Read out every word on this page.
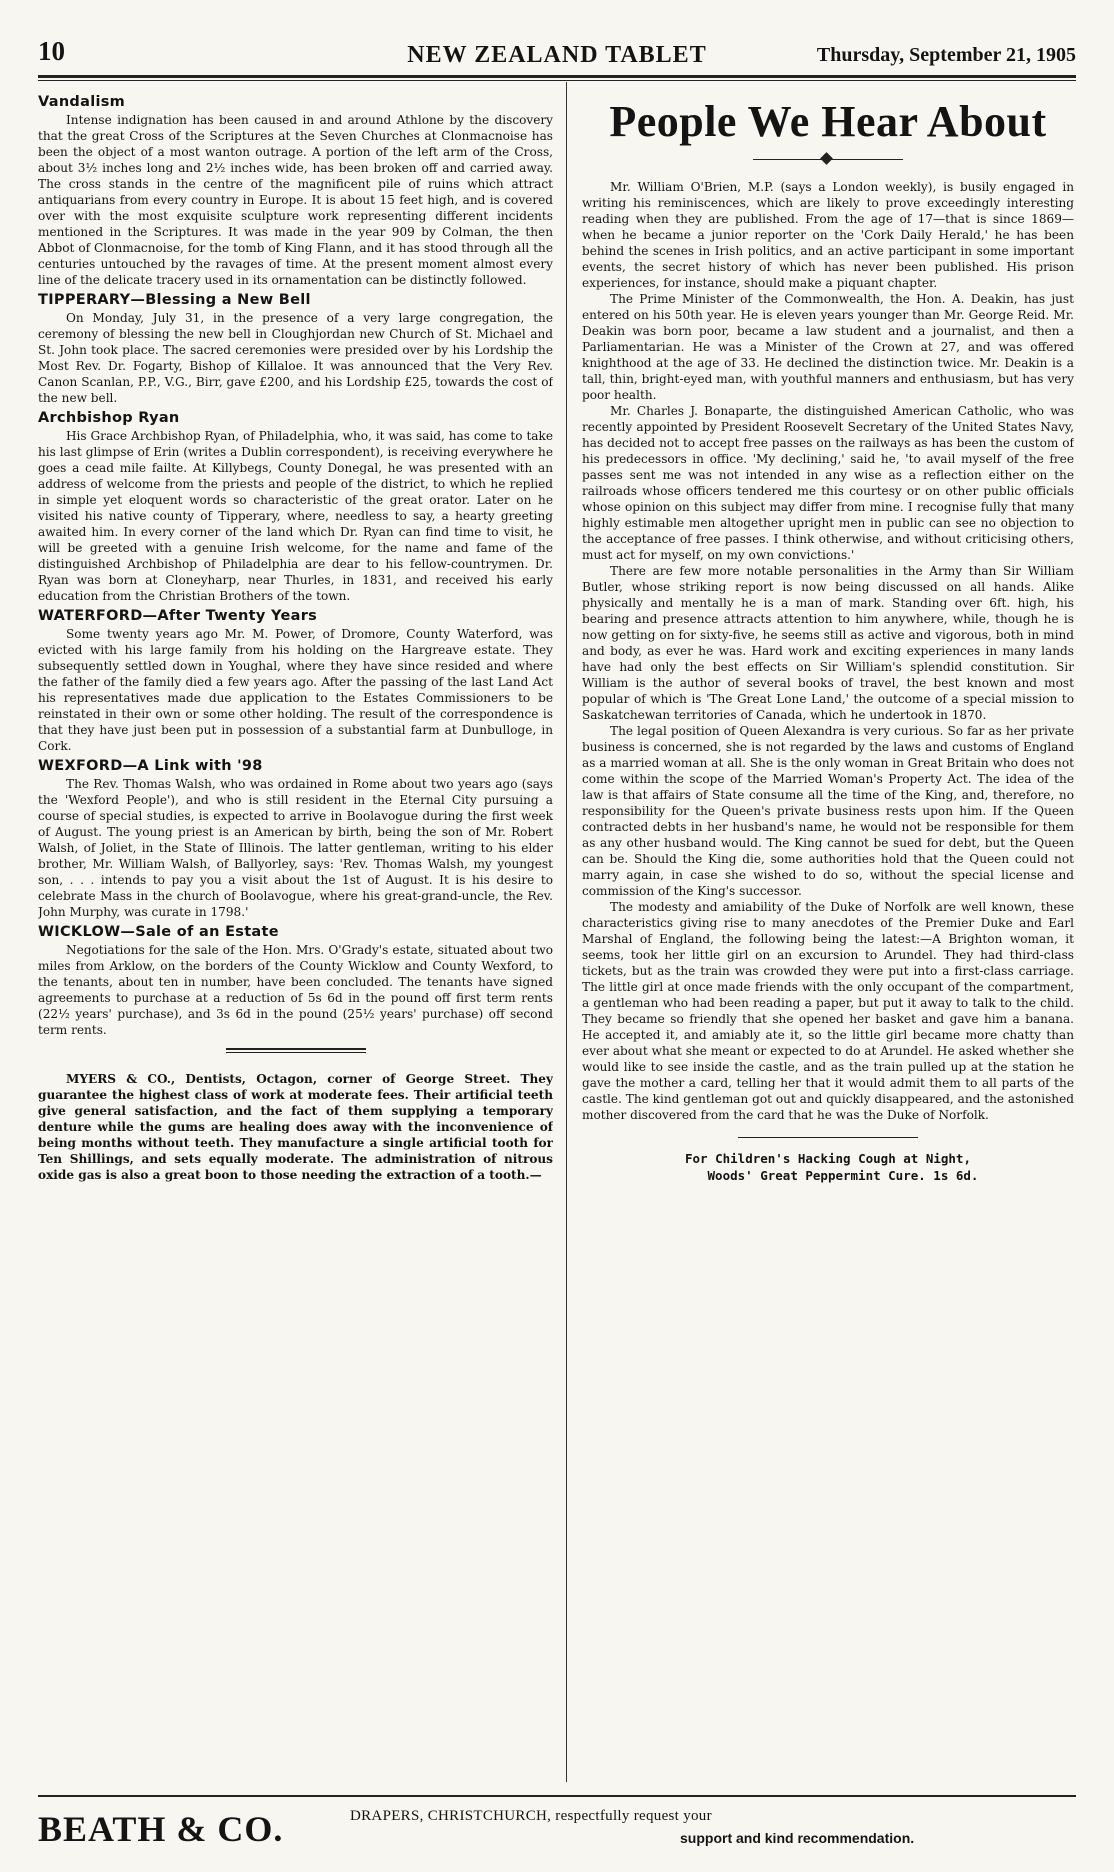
10	NEW ZEALAND TABLET	Thursday, September 21, 1905
Vandalism

Intense indignation has been caused in and around Athlone by the discovery that the great Cross of the Scriptures at the Seven Churches at Clonmacnoise has been the object of a most wanton outrage. A portion of the left arm of the Cross, about 3½ inches long and 2½ inches wide, has been broken off and carried away. The cross stands in the centre of the magnificent pile of ruins which attract antiquarians from every country in Europe. It is about 15 feet high, and is covered over with the most exquisite sculpture work representing different incidents mentioned in the Scriptures. It was made in the year 909 by Colman, the then Abbot of Clonmacnoise, for the tomb of King Flann, and it has stood through all the centuries untouched by the ravages of time. At the present moment almost every line of the delicate tracery used in its ornamentation can be distinctly followed.

TIPPERARY—Blessing a New Bell

On Monday, July 31, in the presence of a very large congregation, the ceremony of blessing the new bell in Cloughjordan new Church of St. Michael and St. John took place. The sacred ceremonies were presided over by his Lordship the Most Rev. Dr. Fogarty, Bishop of Killaloe. It was announced that the Very Rev. Canon Scanlan, P.P., V.G., Birr, gave £200, and his Lordship £25, towards the cost of the new bell.

Archbishop Ryan

His Grace Archbishop Ryan, of Philadelphia, who, it was said, has come to take his last glimpse of Erin (writes a Dublin correspondent), is receiving everywhere he goes a cead mile failte. At Killybegs, County Donegal, he was presented with an address of welcome from the priests and people of the district, to which he replied in simple yet eloquent words so characteristic of the great orator. Later on he visited his native county of Tipperary, where, needless to say, a hearty greeting awaited him. In every corner of the land which Dr. Ryan can find time to visit, he will be greeted with a genuine Irish welcome, for the name and fame of the distinguished Archbishop of Philadelphia are dear to his fellow-countrymen. Dr. Ryan was born at Cloneyharp, near Thurles, in 1831, and received his early education from the Christian Brothers of the town.

WATERFORD—After Twenty Years

Some twenty years ago Mr. M. Power, of Dromore, County Waterford, was evicted with his large family from his holding on the Hargreave estate. They subsequently settled down in Youghal, where they have since resided and where the father of the family died a few years ago. After the passing of the last Land Act his representatives made due application to the Estates Commissioners to be reinstated in their own or some other holding. The result of the correspondence is that they have just been put in possession of a substantial farm at Dunbulloge, in Cork.

WEXFORD—A Link with '98

The Rev. Thomas Walsh, who was ordained in Rome about two years ago (says the 'Wexford People'), and who is still resident in the Eternal City pursuing a course of special studies, is expected to arrive in Boolavogue during the first week of August. The young priest is an American by birth, being the son of Mr. Robert Walsh, of Joliet, in the State of Illinois. The latter gentleman, writing to his elder brother, Mr. William Walsh, of Ballyorley, says: 'Rev. Thomas Walsh, my youngest son, . . . intends to pay you a visit about the 1st of August. It is his desire to celebrate Mass in the church of Boolavogue, where his great-grand-uncle, the Rev. John Murphy, was curate in 1798.'

WICKLOW—Sale of an Estate

Negotiations for the sale of the Hon. Mrs. O'Grady's estate, situated about two miles from Arklow, on the borders of the County Wicklow and County Wexford, to the tenants, about ten in number, have been concluded. The tenants have signed agreements to purchase at a reduction of 5s 6d in the pound off first term rents (22½ years' purchase), and 3s 6d in the pound (25½ years' purchase) off second term rents.

MYERS & CO., Dentists, Octagon, corner of George Street. They guarantee the highest class of work at moderate fees. Their artificial teeth give general satisfaction, and the fact of them supplying a temporary denture while the gums are healing does away with the inconvenience of being months without teeth. They manufacture a single artificial tooth for Ten Shillings, and sets equally moderate. The administration of nitrous oxide gas is also a great boon to those needing the extraction of a tooth.—

People We Hear About

Mr. William O'Brien, M.P. (says a London weekly), is busily engaged in writing his reminiscences, which are likely to prove exceedingly interesting reading when they are published. From the age of 17—that is since 1869—when he became a junior reporter on the 'Cork Daily Herald,' he has been behind the scenes in Irish politics, and an active participant in some important events, the secret history of which has never been published. His prison experiences, for instance, should make a piquant chapter.

The Prime Minister of the Commonwealth, the Hon. A. Deakin, has just entered on his 50th year. He is eleven years younger than Mr. George Reid. Mr. Deakin was born poor, became a law student and a journalist, and then a Parliamentarian. He was a Minister of the Crown at 27, and was offered knighthood at the age of 33. He declined the distinction twice. Mr. Deakin is a tall, thin, bright-eyed man, with youthful manners and enthusiasm, but has very poor health.

Mr. Charles J. Bonaparte, the distinguished American Catholic, who was recently appointed by President Roosevelt Secretary of the United States Navy, has decided not to accept free passes on the railways as has been the custom of his predecessors in office. 'My declining,' said he, 'to avail myself of the free passes sent me was not intended in any wise as a reflection either on the railroads whose officers tendered me this courtesy or on other public officials whose opinion on this subject may differ from mine. I recognise fully that many highly estimable men altogether upright men in public can see no objection to the acceptance of free passes. I think otherwise, and without criticising others, must act for myself, on my own convictions.'

There are few more notable personalities in the Army than Sir William Butler, whose striking report is now being discussed on all hands. Alike physically and mentally he is a man of mark. Standing over 6ft. high, his bearing and presence attracts attention to him anywhere, while, though he is now getting on for sixty-five, he seems still as active and vigorous, both in mind and body, as ever he was. Hard work and exciting experiences in many lands have had only the best effects on Sir William's splendid constitution. Sir William is the author of several books of travel, the best known and most popular of which is 'The Great Lone Land,' the outcome of a special mission to Saskatchewan territories of Canada, which he undertook in 1870.

The legal position of Queen Alexandra is very curious. So far as her private business is concerned, she is not regarded by the laws and customs of England as a married woman at all. She is the only woman in Great Britain who does not come within the scope of the Married Woman's Property Act. The idea of the law is that affairs of State consume all the time of the King, and, therefore, no responsibility for the Queen's private business rests upon him. If the Queen contracted debts in her husband's name, he would not be responsible for them as any other husband would. The King cannot be sued for debt, but the Queen can be. Should the King die, some authorities hold that the Queen could not marry again, in case she wished to do so, without the special license and commission of the King's successor.

The modesty and amiability of the Duke of Norfolk are well known, these characteristics giving rise to many anecdotes of the Premier Duke and Earl Marshal of England, the following being the latest:—A Brighton woman, it seems, took her little girl on an excursion to Arundel. They had third-class tickets, but as the train was crowded they were put into a first-class carriage. The little girl at once made friends with the only occupant of the compartment, a gentleman who had been reading a paper, but put it away to talk to the child. They became so friendly that she opened her basket and gave him a banana. He accepted it, and amiably ate it, so the little girl became more chatty than ever about what she meant or expected to do at Arundel. He asked whether she would like to see inside the castle, and as the train pulled up at the station he gave the mother a card, telling her that it would admit them to all parts of the castle. The kind gentleman got out and quickly disappeared, and the astonished mother discovered from the card that he was the Duke of Norfolk.

For Children's Hacking Cough at Night,
Woods' Great Peppermint Cure. 1s 6d.
BEATH & CO.	DRAPERS, CHRISTCHURCH, respectfully request your
support and kind recommendation.
